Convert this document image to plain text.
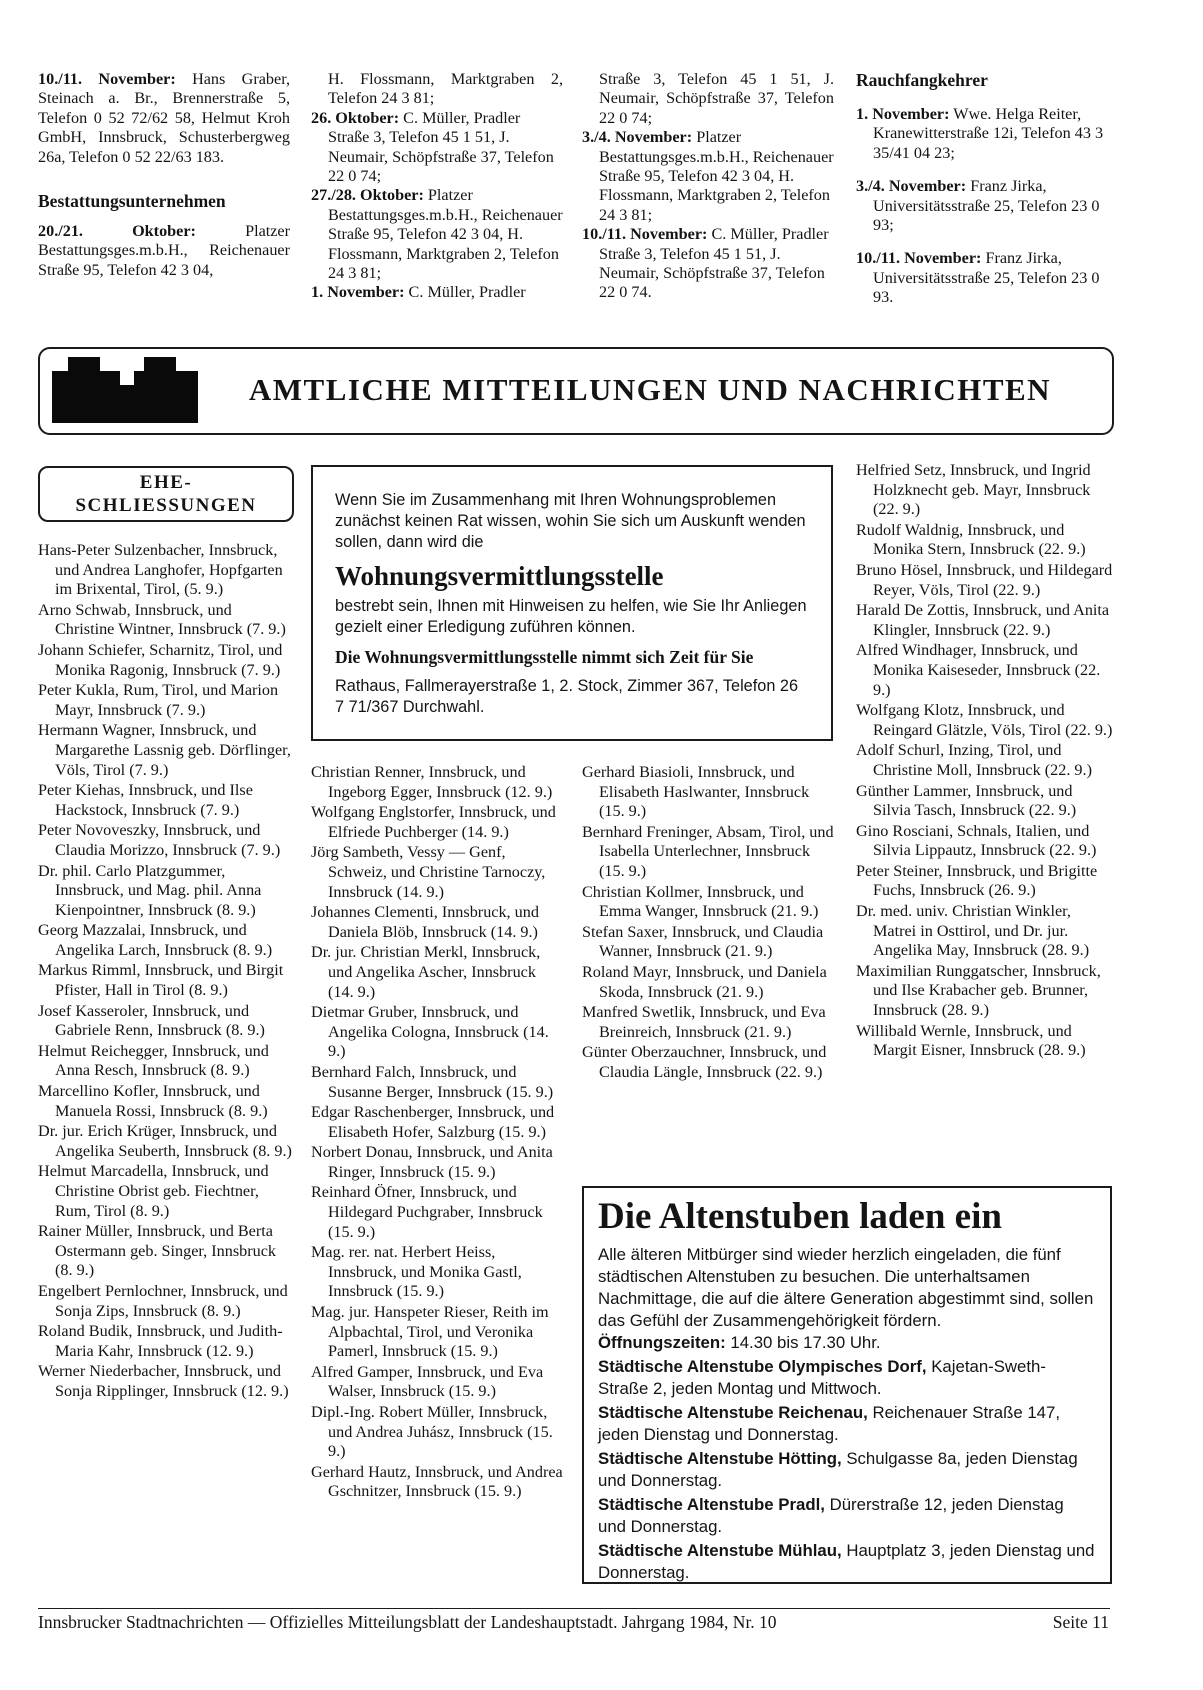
10./11. November: Hans Graber, Steinach a. Br., Brennerstraße 5, Telefon 0 52 72/62 58, Helmut Kroh GmbH, Innsbruck, Schusterbergweg 26a, Telefon 0 52 22/63 183.

Bestattungsunternehmen

20./21. Oktober:	Platzer Bestattungsges.m.b.H., Reichenauer Straße 95, Telefon 42 3 04,

H. Flossmann, Marktgraben 2, Telefon 24 3 81;

26. Oktober: C. Müller, Pradler Straße 3, Telefon 45 1 51, J. Neumair, Schöpfstraße 37, Telefon 22 0 74;

27./28. Oktober: Platzer Bestattungsges.m.b.H., Reichenauer Straße 95, Telefon 42 3 04, H. Flossmann, Marktgraben 2, Telefon 24 3 81;

1. November: C. Müller, Pradler

Straße 3, Telefon 45 1 51, J. Neumair, Schöpfstraße 37, Telefon 22 0 74;

3./4. November: Platzer Bestattungsges.m.b.H., Reichenauer Straße 95, Telefon 42 3 04, H. Flossmann, Marktgraben 2, Telefon 24 3 81;

10./11. November: C. Müller, Pradler Straße 3, Telefon 45 1 51, J. Neumair, Schöpfstraße 37, Telefon 22 0 74.

Rauchfangkehrer

1. November: Wwe. Helga Reiter, Kranewitterstraße 12i, Telefon 43 3 35/41 04 23;

3./4. November: Franz Jirka, Universitätsstraße 25, Telefon 23 0 93;

10./11. November: Franz Jirka, Universitätsstraße 25, Telefon 23 0 93.

AMTLICHE MITTEILUNGEN UND NACHRICHTEN
EHE-
SCHLIESSUNGEN
Hans-Peter Sulzenbacher, Innsbruck, und Andrea Langhofer, Hopfgarten im Brixental, Tirol, (5. 9.)
Arno Schwab, Innsbruck, und Christine Wintner, Innsbruck (7. 9.)
Johann Schiefer, Scharnitz, Tirol, und Monika Ragonig, Innsbruck (7. 9.)
Peter Kukla, Rum, Tirol, und Marion Mayr, Innsbruck (7. 9.)
Hermann Wagner, Innsbruck, und Margarethe Lassnig geb. Dörflinger, Völs, Tirol (7. 9.)
Peter Kiehas, Innsbruck, und Ilse Hackstock, Innsbruck (7. 9.)
Peter Novoveszky, Innsbruck, und Claudia Morizzo, Innsbruck (7. 9.)
Dr. phil. Carlo Platzgummer, Innsbruck, und Mag. phil. Anna Kienpointner, Innsbruck (8. 9.)
Georg Mazzalai, Innsbruck, und Angelika Larch, Innsbruck (8. 9.)
Markus Rimml, Innsbruck, und Birgit Pfister, Hall in Tirol (8. 9.)
Josef Kasseroler, Innsbruck, und Gabriele Renn, Innsbruck (8. 9.)
Helmut Reichegger, Innsbruck, und Anna Resch, Innsbruck (8. 9.)
Marcellino Kofler, Innsbruck, und Manuela Rossi, Innsbruck (8. 9.)
Dr. jur. Erich Krüger, Innsbruck, und Angelika Seuberth, Innsbruck (8. 9.)
Helmut Marcadella, Innsbruck, und Christine Obrist geb. Fiechtner, Rum, Tirol (8. 9.)
Rainer Müller, Innsbruck, und Berta Ostermann geb. Singer, Innsbruck (8. 9.)
Engelbert Pernlochner, Innsbruck, und Sonja Zips, Innsbruck (8. 9.)
Roland Budik, Innsbruck, und Judith-Maria Kahr, Innsbruck (12. 9.)
Werner Niederbacher, Innsbruck, und Sonja Ripplinger, Innsbruck (12. 9.)
Christian Renner, Innsbruck, und Ingeborg Egger, Innsbruck (12. 9.)
Wolfgang Englstorfer, Innsbruck, und Elfriede Puchberger (14. 9.)
Jörg Sambeth, Vessy — Genf, Schweiz, und Christine Tarnoczy, Innsbruck (14. 9.)
Johannes Clementi, Innsbruck, und Daniela Blöb, Innsbruck (14. 9.)
Dr. jur. Christian Merkl, Innsbruck, und Angelika Ascher, Innsbruck (14. 9.)
Dietmar Gruber, Innsbruck, und Angelika Cologna, Innsbruck (14. 9.)
Bernhard Falch, Innsbruck, und Susanne Berger, Innsbruck (15. 9.)
Edgar Raschenberger, Innsbruck, und Elisabeth Hofer, Salzburg (15. 9.)
Norbert Donau, Innsbruck, und Anita Ringer, Innsbruck (15. 9.)
Reinhard Öfner, Innsbruck, und Hildegard Puchgraber, Innsbruck (15. 9.)
Mag. rer. nat. Herbert Heiss, Innsbruck, und Monika Gastl, Innsbruck (15. 9.)
Mag. jur. Hanspeter Rieser, Reith im Alpbachtal, Tirol, und Veronika Pamerl, Innsbruck (15. 9.)
Alfred Gamper, Innsbruck, und Eva Walser, Innsbruck (15. 9.)
Dipl.-Ing. Robert Müller, Innsbruck, und Andrea Juhász, Innsbruck (15. 9.)
Gerhard Hautz, Innsbruck, und Andrea Gschnitzer, Innsbruck (15. 9.)
Gerhard Biasioli, Innsbruck, und Elisabeth Haslwanter, Innsbruck (15. 9.)
Bernhard Freninger, Absam, Tirol, und Isabella Unterlechner, Innsbruck (15. 9.)
Christian Kollmer, Innsbruck, und Emma Wanger, Innsbruck (21. 9.)
Stefan Saxer, Innsbruck, und Claudia Wanner, Innsbruck (21. 9.)
Roland Mayr, Innsbruck, und Daniela Skoda, Innsbruck (21. 9.)
Manfred Swetlik, Innsbruck, und Eva Breinreich, Innsbruck (21. 9.)
Günter Oberzauchner, Innsbruck, und Claudia Längle, Innsbruck (22. 9.)
Helfried Setz, Innsbruck, und Ingrid Holzknecht geb. Mayr, Innsbruck (22. 9.)
Rudolf Waldnig, Innsbruck, und Monika Stern, Innsbruck (22. 9.)
Bruno Hösel, Innsbruck, und Hildegard Reyer, Völs, Tirol (22. 9.)
Harald De Zottis, Innsbruck, und Anita Klingler, Innsbruck (22. 9.)
Alfred Windhager, Innsbruck, und Monika Kaiseseder, Innsbruck (22. 9.)
Wolfgang Klotz, Innsbruck, und Reingard Glätzle, Völs, Tirol (22. 9.)
Adolf Schurl, Inzing, Tirol, und Christine Moll, Innsbruck (22. 9.)
Günther Lammer, Innsbruck, und Silvia Tasch, Innsbruck (22. 9.)
Gino Rosciani, Schnals, Italien, und Silvia Lippautz, Innsbruck (22. 9.)
Peter Steiner, Innsbruck, und Brigitte Fuchs, Innsbruck (26. 9.)
Dr. med. univ. Christian Winkler, Matrei in Osttirol, und Dr. jur. Angelika May, Innsbruck (28. 9.)
Maximilian Runggatscher, Innsbruck, und Ilse Krabacher geb. Brunner, Innsbruck (28. 9.)
Willibald Wernle, Innsbruck, und Margit Eisner, Innsbruck (28. 9.)

Wenn Sie im Zusammenhang mit Ihren Wohnungsproblemen zunächst keinen Rat wissen, wohin Sie sich um Auskunft wenden sollen, dann wird die

Wohnungsvermittlungsstelle

bestrebt sein, Ihnen mit Hinweisen zu helfen, wie Sie Ihr Anliegen gezielt einer Erledigung zuführen können.

Die Wohnungsvermittlungsstelle nimmt sich Zeit für Sie

Rathaus, Fallmerayerstraße 1, 2. Stock, Zimmer 367, Telefon 26 7 71/367 Durchwahl.

Die Altenstuben laden ein

Alle älteren Mitbürger sind wieder herzlich eingeladen, die fünf städtischen Altenstuben zu besuchen. Die unterhaltsamen Nachmittage, die auf die ältere Generation abgestimmt sind, sollen das Gefühl der Zusammengehörigkeit fördern.

Öffnungszeiten: 14.30 bis 17.30 Uhr.

Städtische Altenstube Olympisches Dorf, Kajetan-Sweth-Straße 2, jeden Montag und Mittwoch.

Städtische Altenstube Reichenau, Reichenauer Straße 147, jeden Dienstag und Donnerstag.

Städtische Altenstube Hötting, Schulgasse 8a, jeden Dienstag und Donnerstag.

Städtische Altenstube Pradl, Dürerstraße 12, jeden Dienstag und Donnerstag.

Städtische Altenstube Mühlau, Hauptplatz 3, jeden Dienstag und Donnerstag.

Innsbrucker Stadtnachrichten — Offizielles Mitteilungsblatt der Landeshauptstadt. Jahrgang 1984, Nr. 10	Seite 11
